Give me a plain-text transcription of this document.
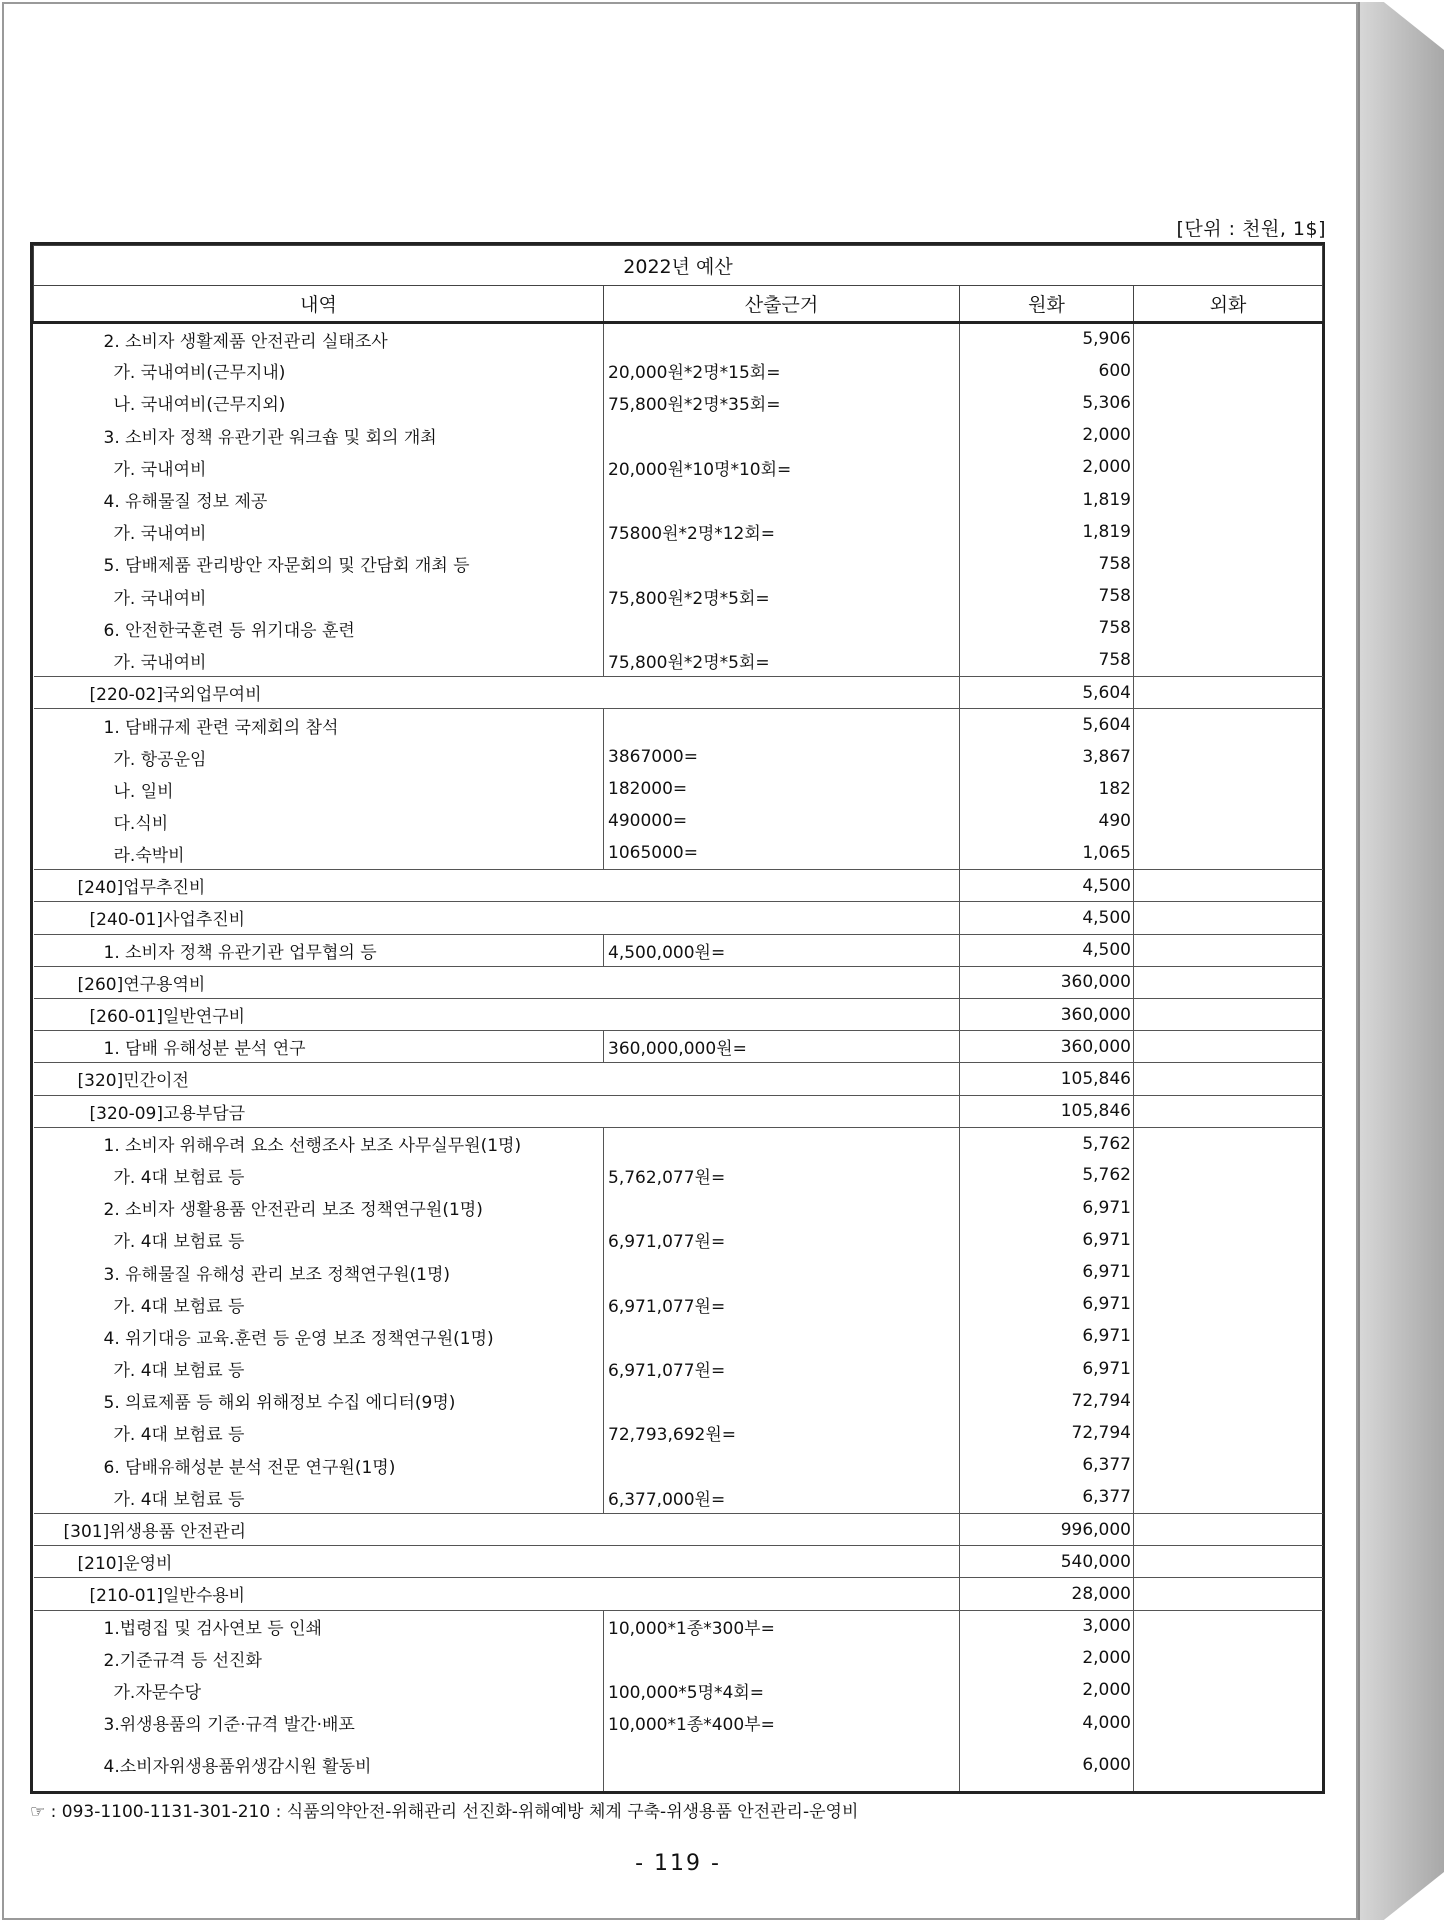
[단위 : 천원, 1$]
2022년 예산			
내역	산출근거	원화	외화
2. 소비자 생활제품 안전관리 실태조사		5,906	
가. 국내여비(근무지내)	20,000원*2명*15회=	600	
나. 국내여비(근무지외)	75,800원*2명*35회=	5,306	
3. 소비자 정책 유관기관 워크숍 및 회의 개최		2,000	
가. 국내여비	20,000원*10명*10회=	2,000	
4. 유해물질 정보 제공		1,819	
가. 국내여비	75800원*2명*12회=	1,819	
5. 담배제품 관리방안 자문회의 및 간담회 개최 등		758	
가. 국내여비	75,800원*2명*5회=	758	
6. 안전한국훈련 등 위기대응 훈련		758	
가. 국내여비	75,800원*2명*5회=	758	
[220-02]국외업무여비		5,604	
1. 담배규제 관련 국제회의 참석		5,604	
가. 항공운임	3867000=	3,867	
나. 일비	182000=	182	
다.식비	490000=	490	
라.숙박비	1065000=	1,065	
[240]업무추진비		4,500	
[240-01]사업추진비		4,500	
1. 소비자 정책 유관기관 업무협의 등	4,500,000원=	4,500	
[260]연구용역비		360,000	
[260-01]일반연구비		360,000	
1. 담배 유해성분 분석 연구	360,000,000원=	360,000	
[320]민간이전		105,846	
[320-09]고용부담금		105,846	
1. 소비자 위해우려 요소 선행조사 보조 사무실무원(1명)		5,762	
가. 4대 보험료 등	5,762,077원=	5,762	
2. 소비자 생활용품 안전관리 보조 정책연구원(1명)		6,971	
가. 4대 보험료 등	6,971,077원=	6,971	
3. 유해물질 유해성 관리 보조 정책연구원(1명)		6,971	
가. 4대 보험료 등	6,971,077원=	6,971	
4. 위기대응 교육.훈련 등 운영 보조 정책연구원(1명)		6,971	
가. 4대 보험료 등	6,971,077원=	6,971	
5. 의료제품 등 해외 위해정보 수집 에디터(9명)		72,794	
가. 4대 보험료 등	72,793,692원=	72,794	
6. 담배유해성분 분석 전문 연구원(1명)		6,377	
가. 4대 보험료 등	6,377,000원=	6,377	
[301]위생용품 안전관리		996,000	
[210]운영비		540,000	
[210-01]일반수용비		28,000	
1.법령집 및 검사연보 등 인쇄	10,000*1종*300부=	3,000	
2.기준규격 등 선진화		2,000	
가.자문수당	100,000*5명*4회=	2,000	
3.위생용품의 기준·규격 발간·배포	10,000*1종*400부=	4,000	
4.소비자위생용품위생감시원 활동비		6,000	
☞ : 093-1100-1131-301-210 : 식품의약안전-위해관리 선진화-위해예방 체계 구축-위생용품 안전관리-운영비
- 119 -
